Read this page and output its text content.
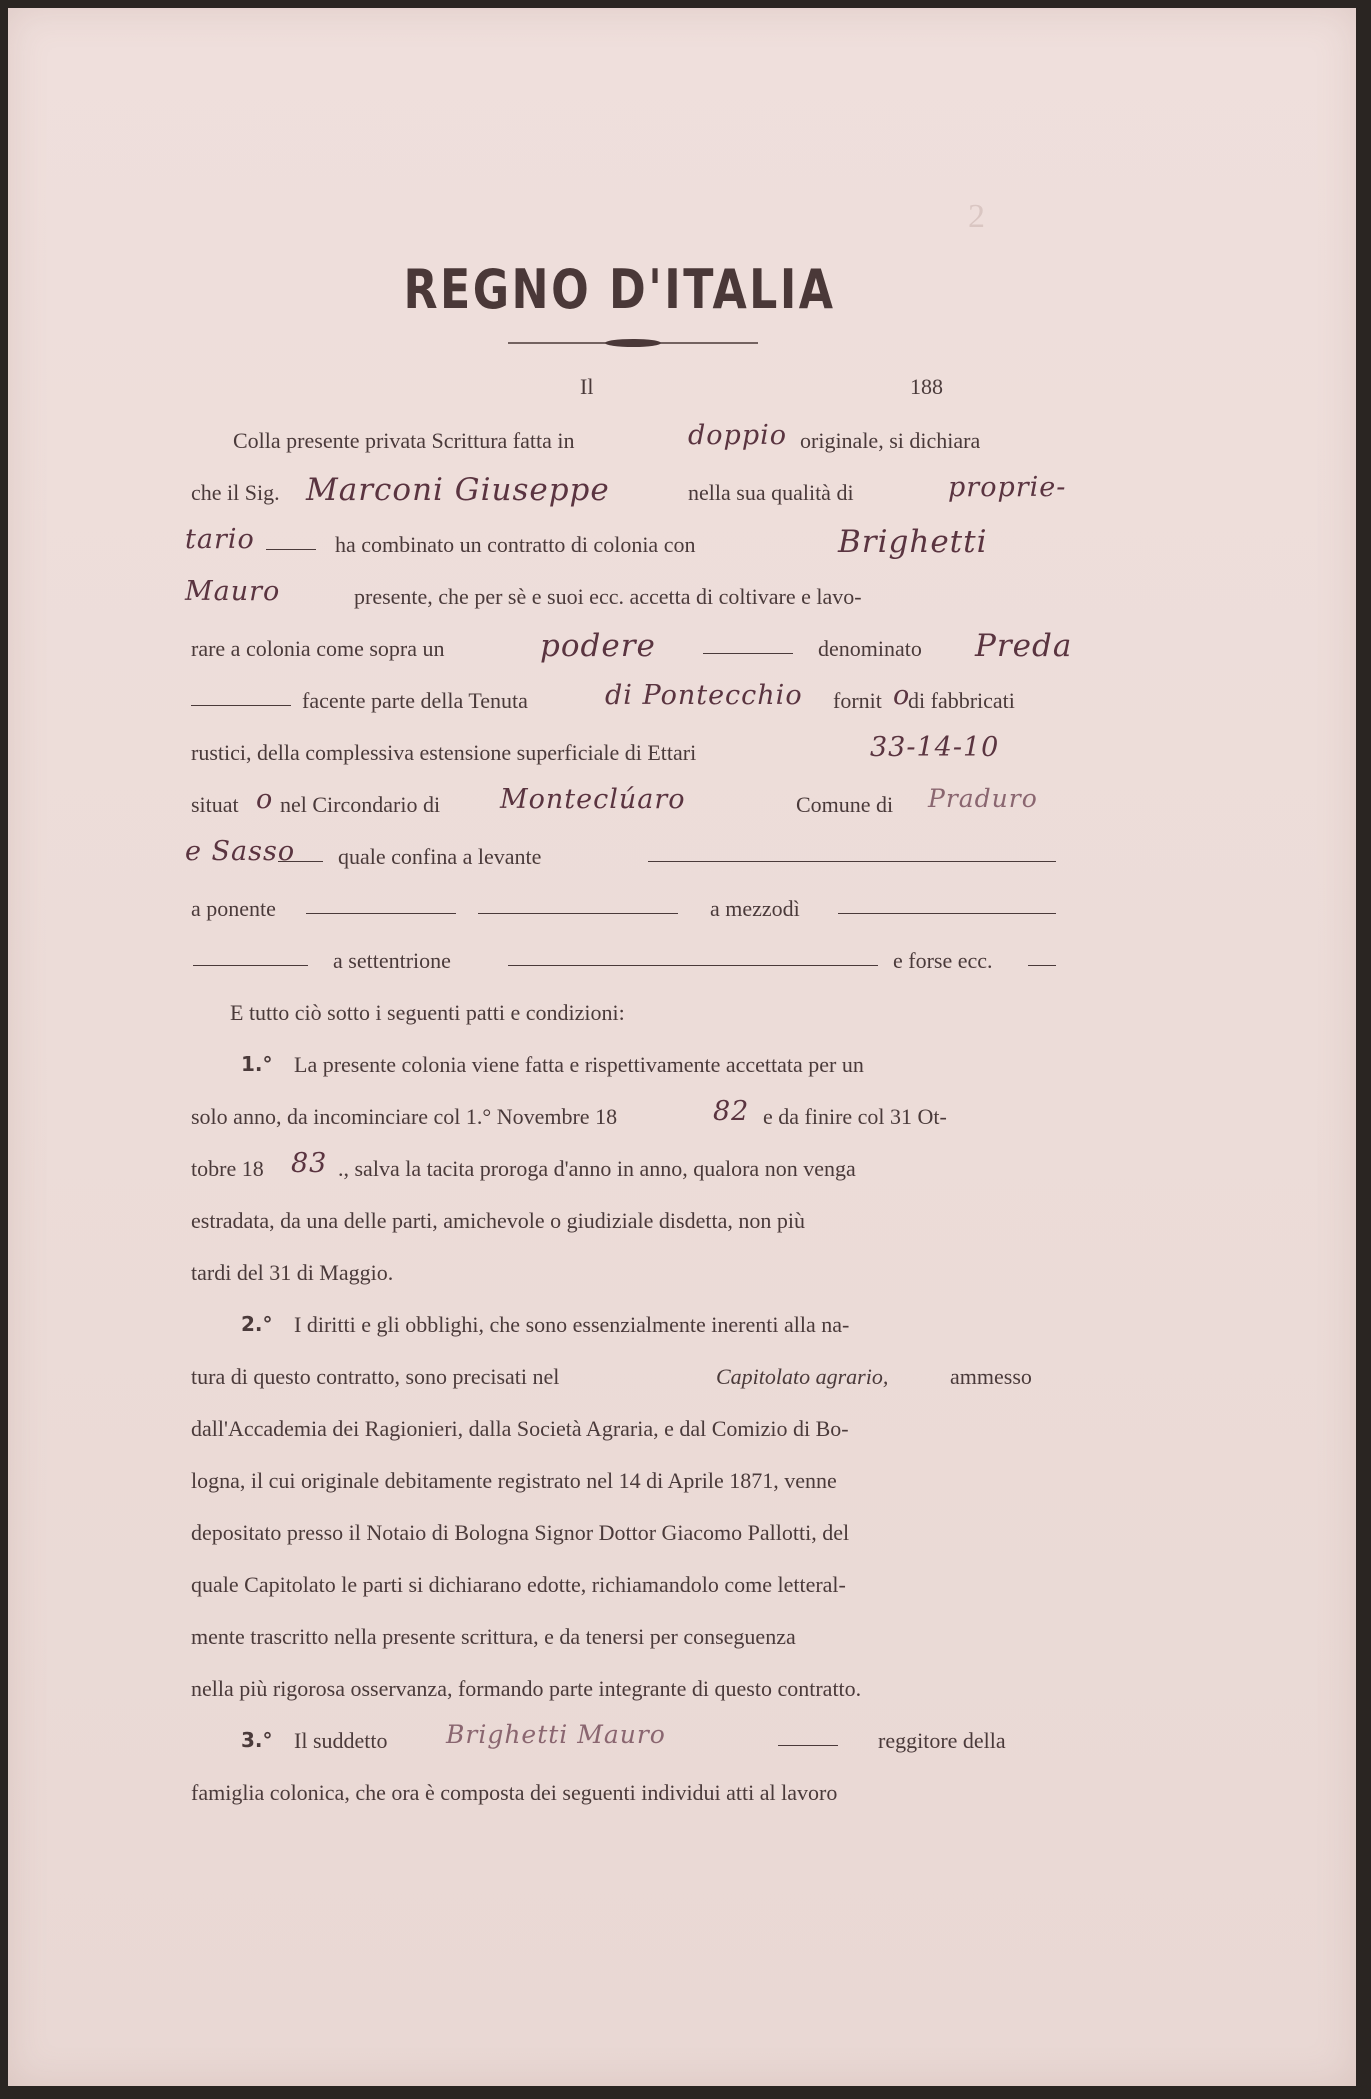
2
REGNO D'ITALIA
Il	188
Colla presente privata Scrittura fatta in	doppio originale, si dichiara
che il Sig. Marconi Giuseppe	nella sua qualità di	proprie-
tario	ha combinato un contratto di colonia con	Brighetti
Mauro	presente, che per sè e suoi ecc. accetta di coltivare e lavo-
rare a colonia come sopra un	podere	denominato Preda
facente parte della Tenuta	di Pontecchio fornit o
di fabbricati
rustici, della complessiva estensione superficiale di Ettari	33-14-10
situat o nel Circondario di Monteclúaro	Comune di Praduro
e Sasso quale confina a levante
a ponente	a mezzodì
a settentrione	e forse ecc.
E tutto ciò sotto i seguenti patti e condizioni:
1.° La presente colonia viene fatta e rispettivamente accettata per un
solo anno, da incominciare col 1.° Novembre 18	82 e da finire col 31 Ot-
tobre 18 83 ., salva la tacita proroga d'anno in anno, qualora non venga
estradata, da una delle parti, amichevole o giudiziale disdetta, non più
tardi del 31 di Maggio.
2.° I diritti e gli obblighi, che sono essenzialmente inerenti alla na-
tura di questo contratto, sono precisati nel	Capitolato agrario,	ammesso
dall'Accademia dei Ragionieri, dalla Società Agraria, e dal Comizio di Bo-
logna, il cui originale debitamente registrato nel 14 di Aprile 1871, venne
depositato presso il Notaio di Bologna Signor Dottor Giacomo Pallotti, del
quale Capitolato le parti si dichiarano edotte, richiamandolo come letteral-
mente trascritto nella presente scrittura, e da tenersi per conseguenza
nella più rigorosa osservanza, formando parte integrante di questo contratto.
3.° Il suddetto Brighetti Mauro	reggitore della
famiglia colonica, che ora è composta dei seguenti individui atti al lavoro
